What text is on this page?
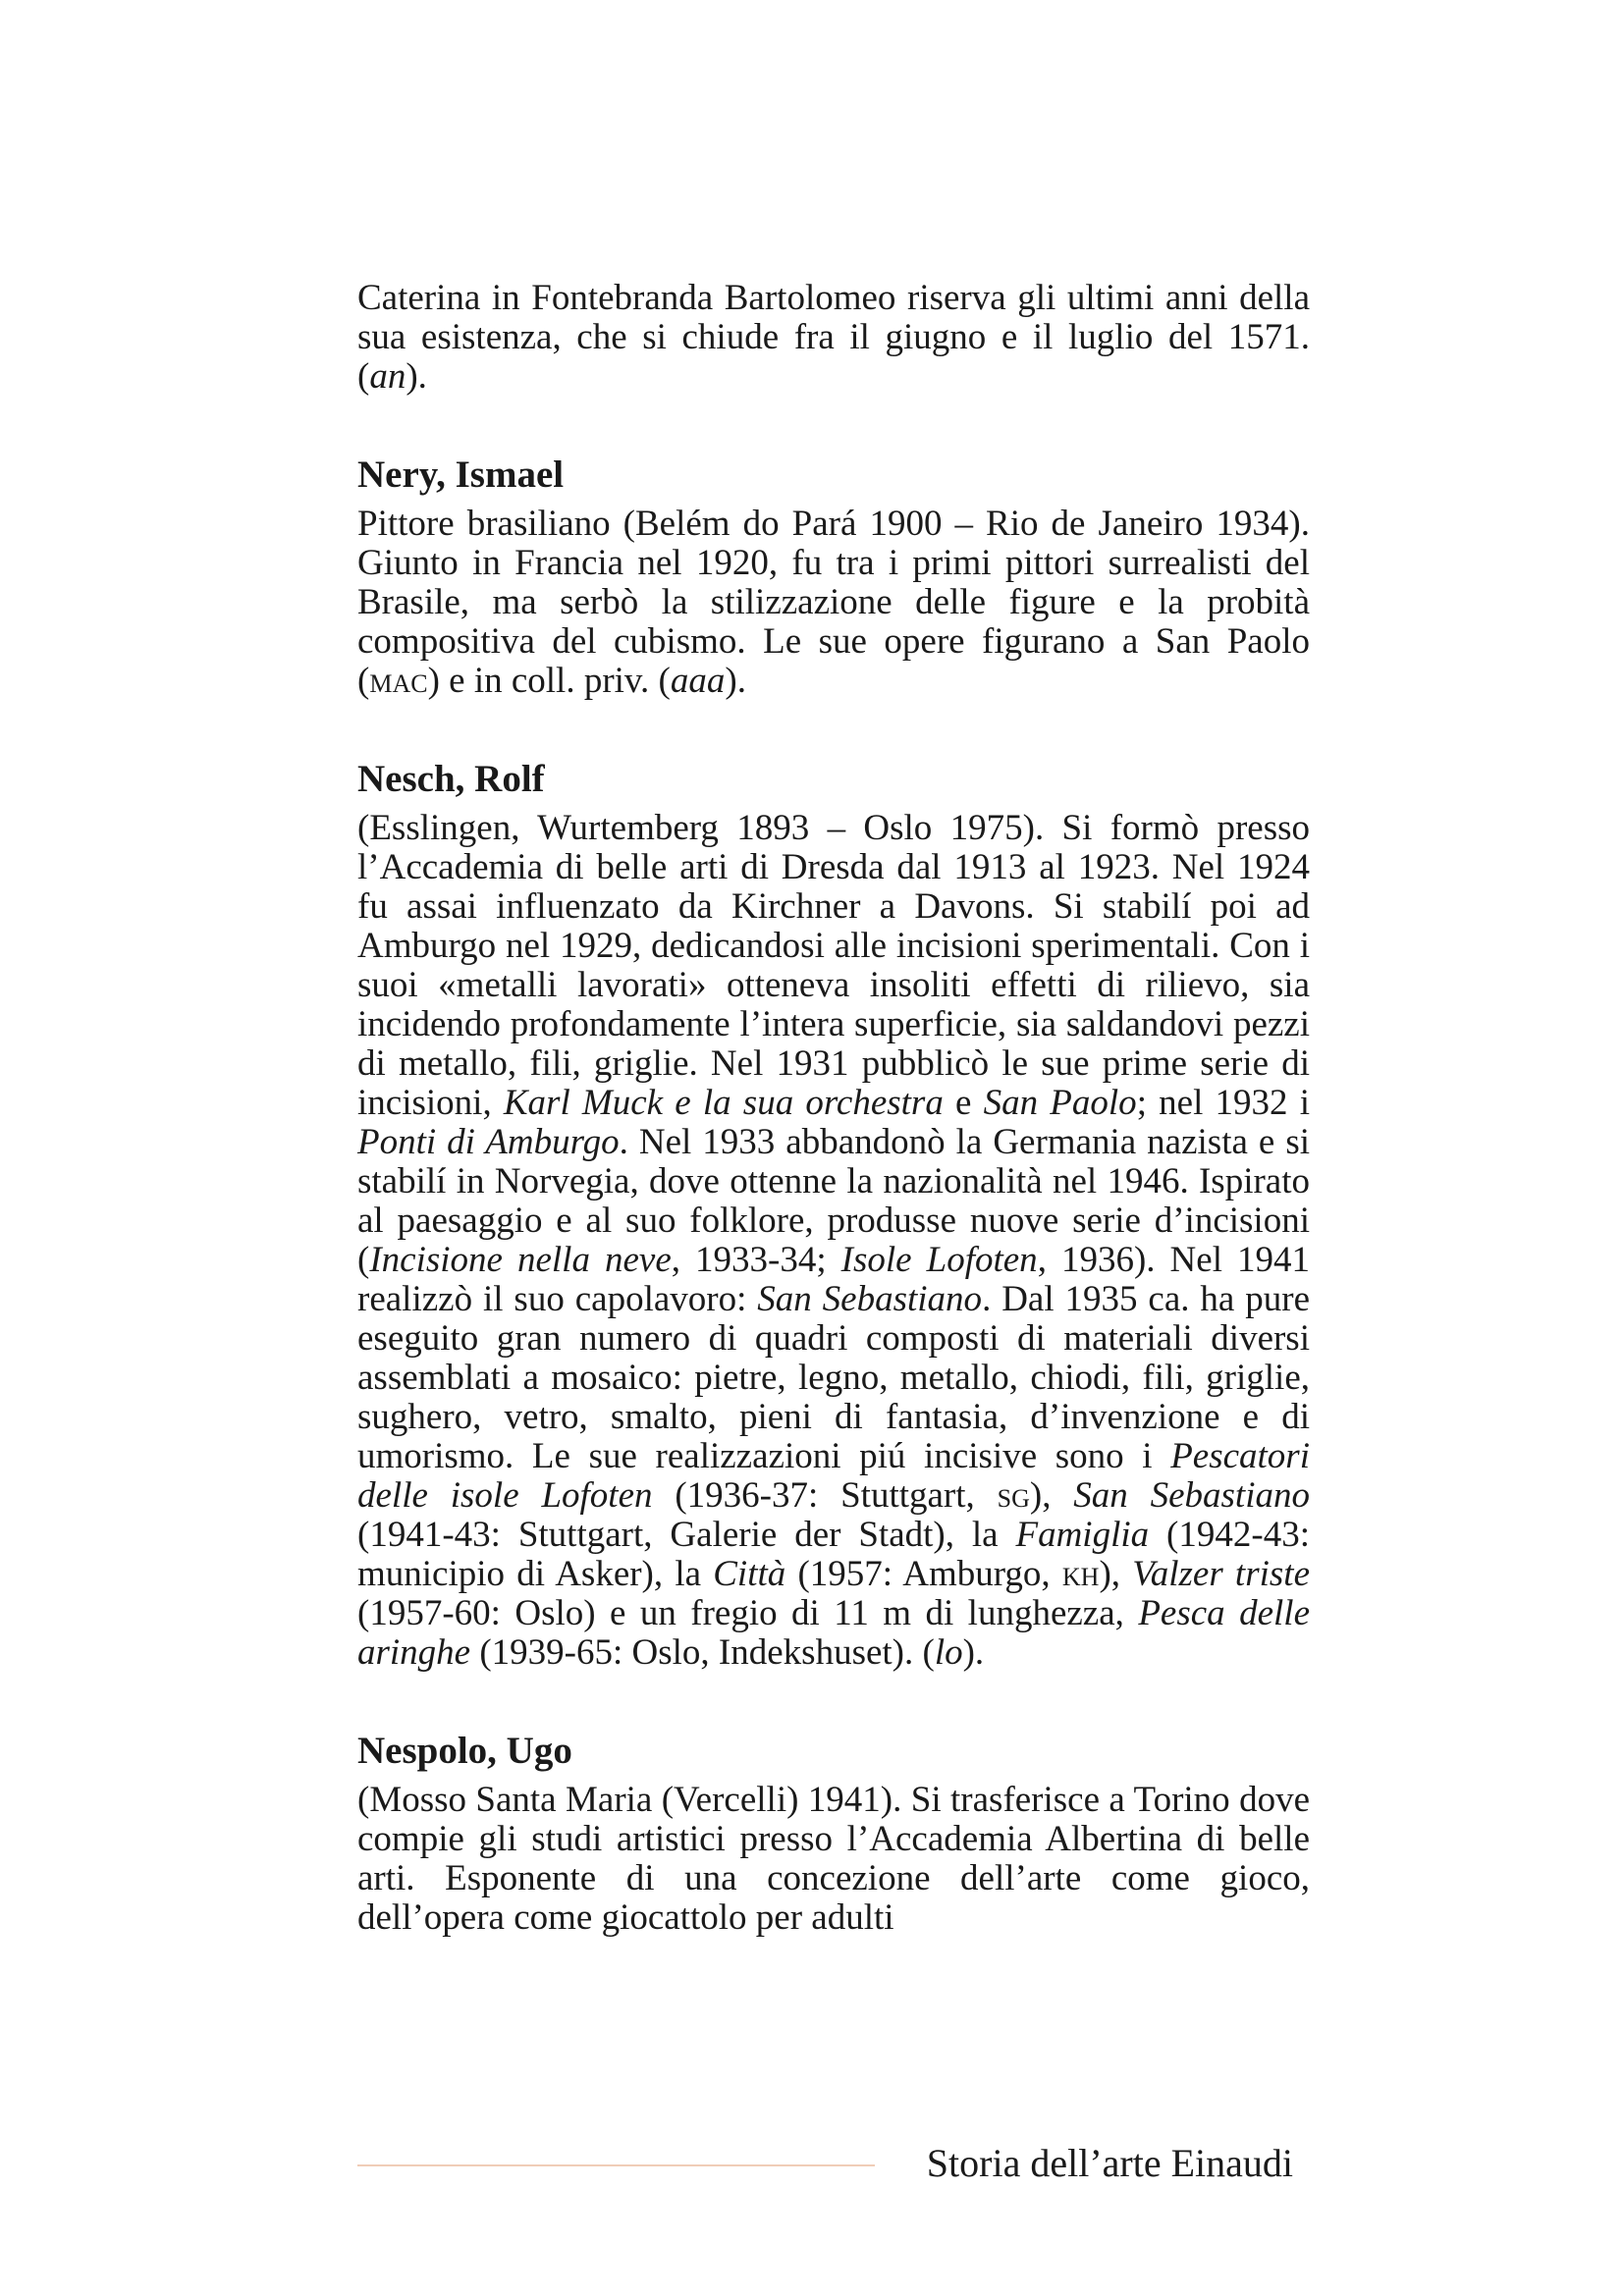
Caterina in Fontebranda Bartolomeo riserva gli ultimi anni della sua esistenza, che si chiude fra il giugno e il luglio del 1571. (an).

Nery, Ismael

Pittore brasiliano (Belém do Pará 1900 – Rio de Janeiro 1934). Giunto in Francia nel 1920, fu tra i primi pittori surrealisti del Brasile, ma serbò la stilizzazione delle figure e la probità compositiva del cubismo. Le sue opere figurano a San Paolo (mac) e in coll. priv. (aaa).

Nesch, Rolf

(Esslingen, Wurtemberg 1893 – Oslo 1975). Si formò presso l’Accademia di belle arti di Dresda dal 1913 al 1923. Nel 1924 fu assai influenzato da Kirchner a Davons. Si stabilí poi ad Amburgo nel 1929, dedicandosi alle incisioni sperimentali. Con i suoi «metalli lavorati» otteneva insoliti effetti di rilievo, sia incidendo profondamente l’intera superficie, sia saldandovi pezzi di metallo, fili, griglie. Nel 1931 pubblicò le sue prime serie di incisioni, Karl Muck e la sua orchestra e San Paolo; nel 1932 i Ponti di Amburgo. Nel 1933 abbandonò la Germania nazista e si stabilí in Norvegia, dove ottenne la nazionalità nel 1946. Ispirato al paesaggio e al suo folklore, produsse nuove serie d’incisioni (Incisione nella neve, 1933-34; Isole Lofoten, 1936). Nel 1941 realizzò il suo capolavoro: San Sebastiano. Dal 1935 ca. ha pure eseguito gran numero di quadri composti di materiali diversi assemblati a mosaico: pietre, legno, metallo, chiodi, fili, griglie, sughero, vetro, smalto, pieni di fantasia, d’invenzione e di umorismo. Le sue realizzazioni piú incisive sono i Pescatori delle isole Lofoten (1936-37: Stuttgart, sg), San Sebastiano (1941-43: Stuttgart, Galerie der Stadt), la Famiglia (1942-43: municipio di Asker), la Città (1957: Amburgo, kh), Valzer triste (1957-60: Oslo) e un fregio di 11 m di lunghezza, Pesca delle aringhe (1939-65: Oslo, Indekshuset). (lo).

Nespolo, Ugo

(Mosso Santa Maria (Vercelli) 1941). Si trasferisce a Torino dove compie gli studi artistici presso l’Accademia Albertina di belle arti. Esponente di una concezione dell’arte come gioco, dell’opera come giocattolo per adulti

Storia dell’arte Einaudi
